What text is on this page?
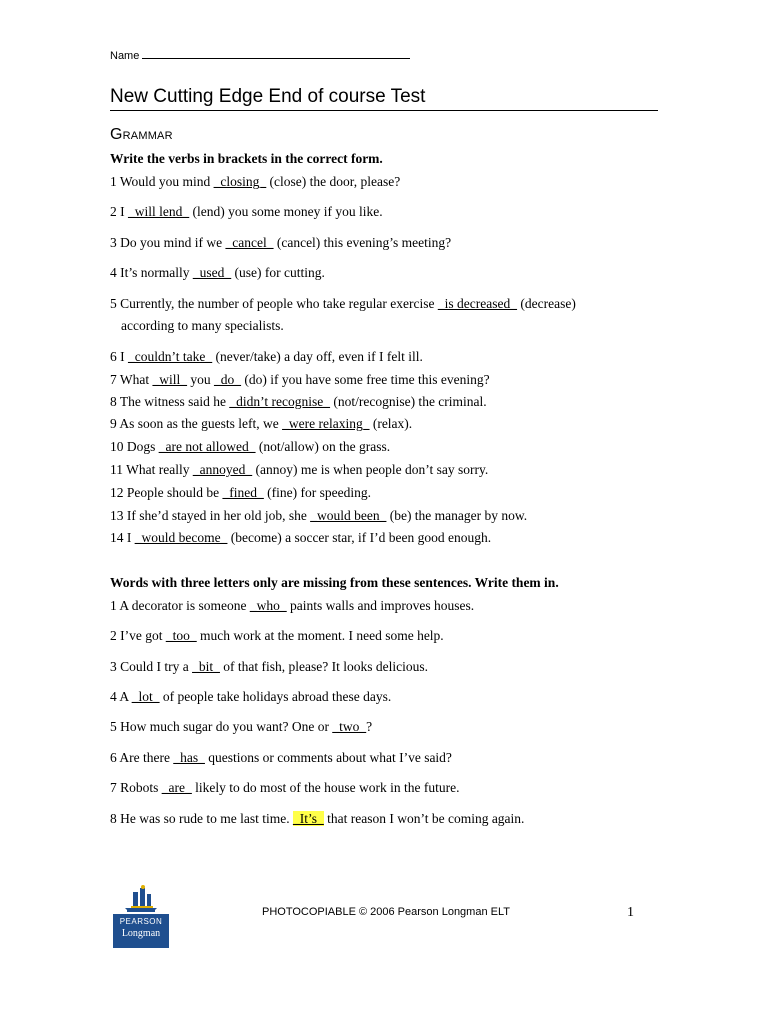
Name
New Cutting Edge End of course Test
Grammar
Write the verbs in brackets in the correct form.
1 Would you mind _closing_ (close) the door, please?
2 I _will lend_ (lend) you some money if you like.
3 Do you mind if we _cancel_ (cancel) this evening’s meeting?
4 It’s normally _used_ (use) for cutting.
5 Currently, the number of people who take regular exercise _is decreased_ (decrease)
according to many specialists.
6 I _couldn’t take_ (never/take) a day off, even if I felt ill.
7 What _will_ you _do_ (do) if you have some free time this evening?
8 The witness said he _didn’t recognise_ (not/recognise) the criminal.
9 As soon as the guests left, we _were relaxing_ (relax).
10 Dogs _are not allowed_ (not/allow) on the grass.
11 What really _annoyed_ (annoy) me is when people don’t say sorry.
12 People should be _fined_ (fine) for speeding.
13 If she’d stayed in her old job, she _would been_ (be) the manager by now.
14 I _would become_ (become) a soccer star, if I’d been good enough.
Words with three letters only are missing from these sentences. Write them in.
1 A decorator is someone _who_ paints walls and improves houses.
2 I’ve got _too_ much work at the moment. I need some help.
3 Could I try a _bit_ of that fish, please? It looks delicious.
4 A _lot_ of people take holidays abroad these days.
5 How much sugar do you want? One or _two_?
6 Are there _has_ questions or comments about what I’ve said?
7 Robots _are_ likely to do most of the house work in the future.
8 He was so rude to me last time. _It’s_ that reason I won’t be coming again.
PEARSON
Longman
PHOTOCOPIABLE © 2006 Pearson Longman ELT	1
